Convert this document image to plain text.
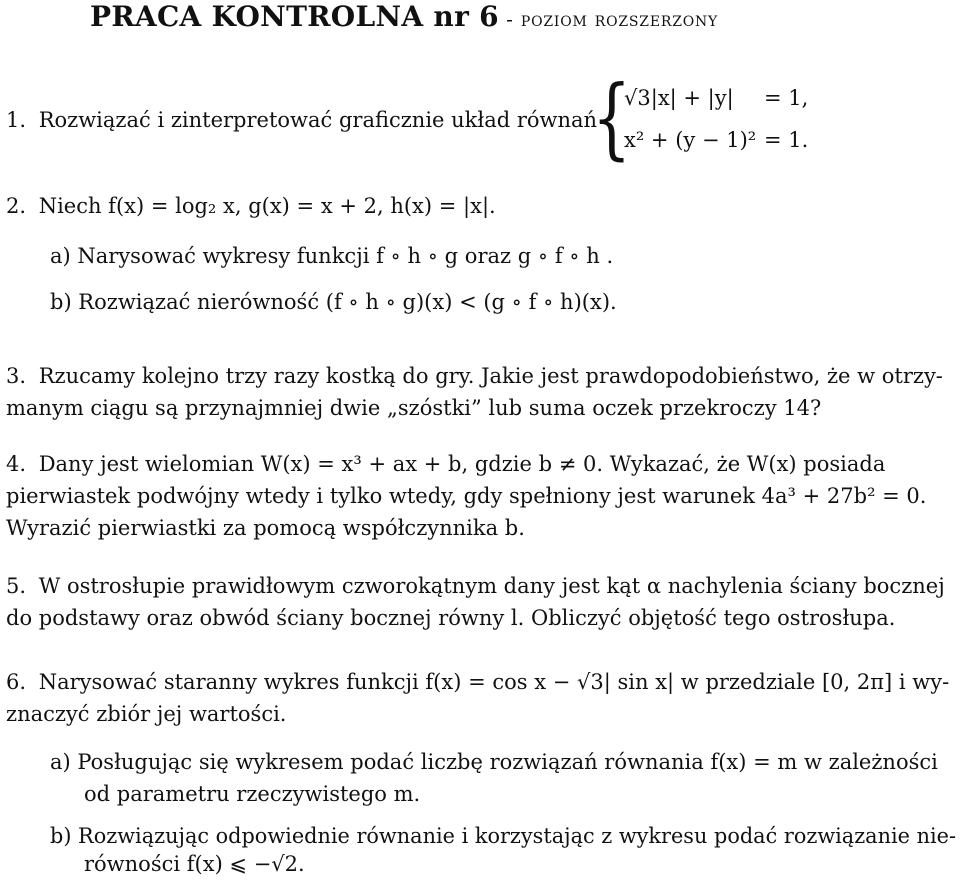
PRACA KONTROLNA nr 6 - poziom rozszerzony
1. Rozwiązać i zinterpretować graficznie układ równań
{
√3|x| + |y| = 1,
x² + (y − 1)² = 1.
2. Niech f(x) = log₂ x, g(x) = x + 2, h(x) = |x|.
a) Narysować wykresy funkcji f ∘ h ∘ g oraz g ∘ f ∘ h .
b) Rozwiązać nierówność (f ∘ h ∘ g)(x) < (g ∘ f ∘ h)(x).
3. Rzucamy kolejno trzy razy kostką do gry. Jakie jest prawdopodobieństwo, że w otrzy-
manym ciągu są przynajmniej dwie „szóstki” lub suma oczek przekroczy 14?
4. Dany jest wielomian W(x) = x³ + ax + b, gdzie b ≠ 0. Wykazać, że W(x) posiada
pierwiastek podwójny wtedy i tylko wtedy, gdy spełniony jest warunek 4a³ + 27b² = 0.
Wyrazić pierwiastki za pomocą współczynnika b.
5. W ostrosłupie prawidłowym czworokątnym dany jest kąt α nachylenia ściany bocznej
do podstawy oraz obwód ściany bocznej równy l. Obliczyć objętość tego ostrosłupa.
6. Narysować staranny wykres funkcji f(x) = cos x − √3| sin x| w przedziale [0, 2π] i wy-
znaczyć zbiór jej wartości.
a) Posługując się wykresem podać liczbę rozwiązań równania f(x) = m w zależności
od parametru rzeczywistego m.
b) Rozwiązując odpowiednie równanie i korzystając z wykresu podać rozwiązanie nie-
równości f(x) ⩽ −√2.
